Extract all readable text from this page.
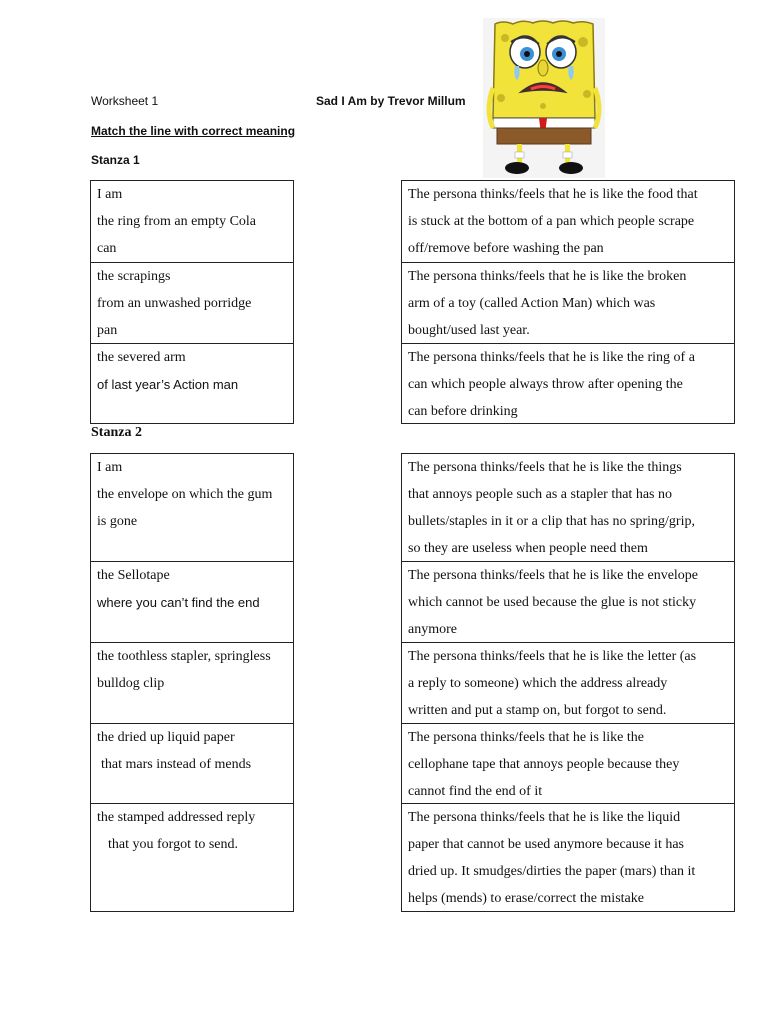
Worksheet 1	Sad I Am by Trevor Millum
Match the line with correct meaning
Stanza 1
I am
the ring from an empty Cola
can
the scrapings
from an unwashed porridge
pan
the severed arm
of last year’s Action man
The persona thinks/feels that he is like the food that
is stuck at the bottom of a pan which people scrape
off/remove before washing the pan
The persona thinks/feels that he is like the broken
arm of a toy (called Action Man) which was
bought/used last year.
The persona thinks/feels that he is like the ring of a
can which people always throw after opening the
can before drinking
Stanza 2
I am
the envelope on which the gum
is gone
the Sellotape
where you can’t find the end
the toothless stapler, springless
bulldog clip
the dried up liquid paper
that mars instead of mends
the stamped addressed reply
that you forgot to send.
The persona thinks/feels that he is like the things
that annoys people such as a stapler that has no
bullets/staples in it or a clip that has no spring/grip,
so they are useless when people need them
The persona thinks/feels that he is like the envelope
which cannot be used because the glue is not sticky
anymore
The persona thinks/feels that he is like the letter (as
a reply to someone) which the address already
written and put a stamp on, but forgot to send.
The persona thinks/feels that he is like the
cellophane tape that annoys people because they
cannot find the end of it
The persona thinks/feels that he is like the liquid
paper that cannot be used anymore because it has
dried up. It smudges/dirties the paper (mars) than it
helps (mends) to erase/correct the mistake
